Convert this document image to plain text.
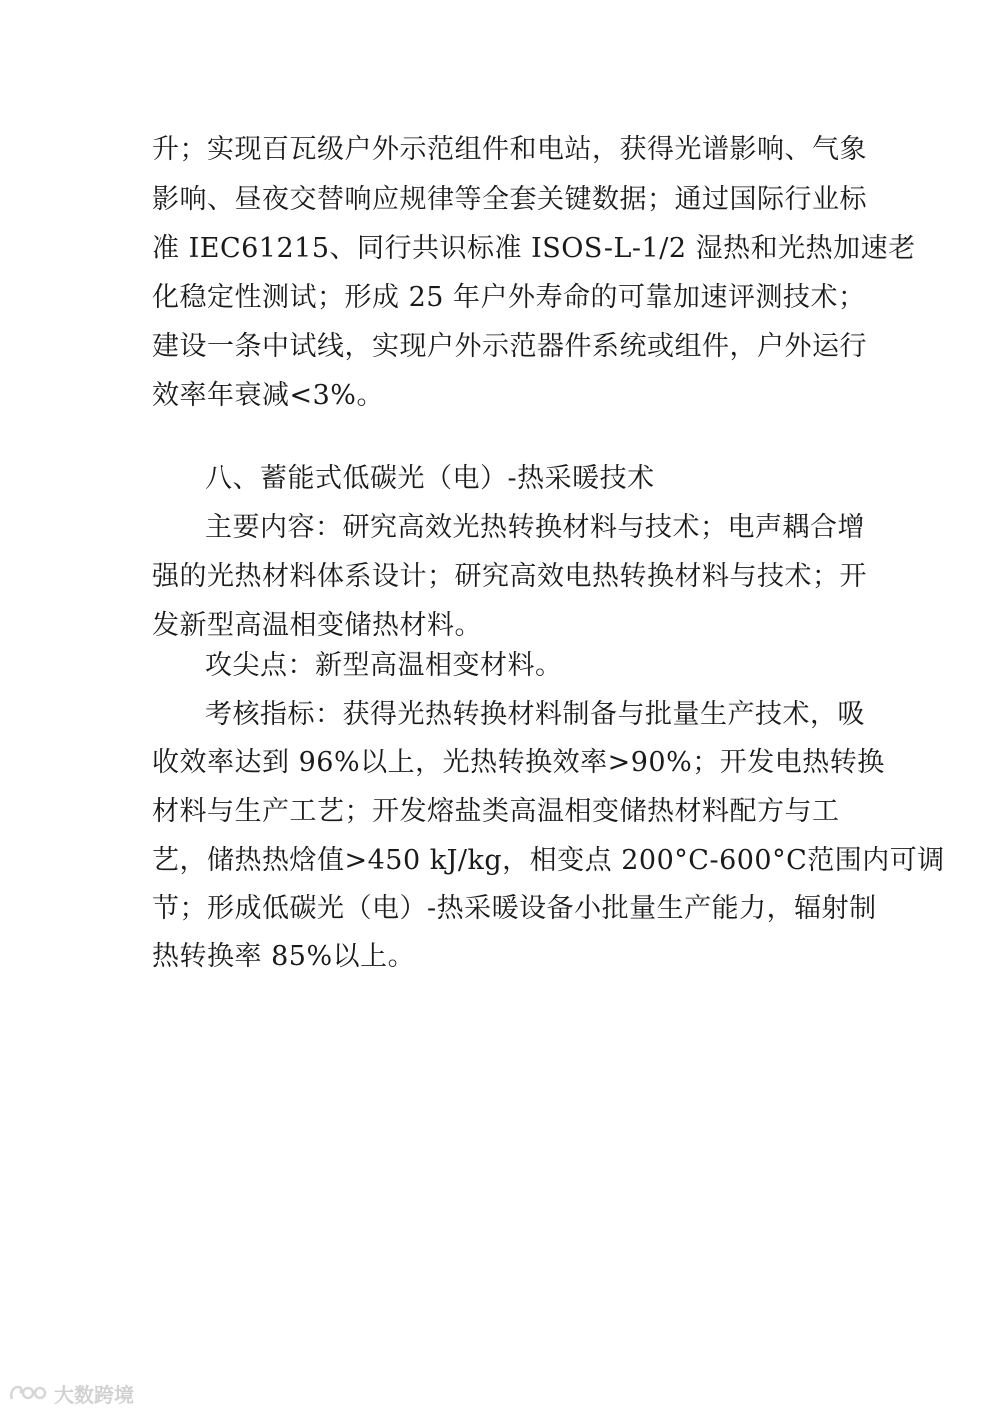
升；实现百瓦级户外示范组件和电站，获得光谱影响、气象
影响、昼夜交替响应规律等全套关键数据；通过国际行业标
准 IEC61215、同行共识标准 ISOS-L-1/2 湿热和光热加速老
化稳定性测试；形成 25 年户外寿命的可靠加速评测技术；
建设一条中试线，实现户外示范器件系统或组件，户外运行
效率年衰减<3%。
八、蓄能式低碳光（电）-热采暖技术
主要内容：研究高效光热转换材料与技术；电声耦合增
强的光热材料体系设计；研究高效电热转换材料与技术；开
发新型高温相变储热材料。
攻尖点：新型高温相变材料。
考核指标：获得光热转换材料制备与批量生产技术，吸
收效率达到 96%以上，光热转换效率>90%；开发电热转换
材料与生产工艺；开发熔盐类高温相变储热材料配方与工
艺，储热热焓值>450 kJ/kg，相变点 200°C-600°C范围内可调
节；形成低碳光（电）-热采暖设备小批量生产能力，辐射制
热转换率 85%以上。
大数跨境
